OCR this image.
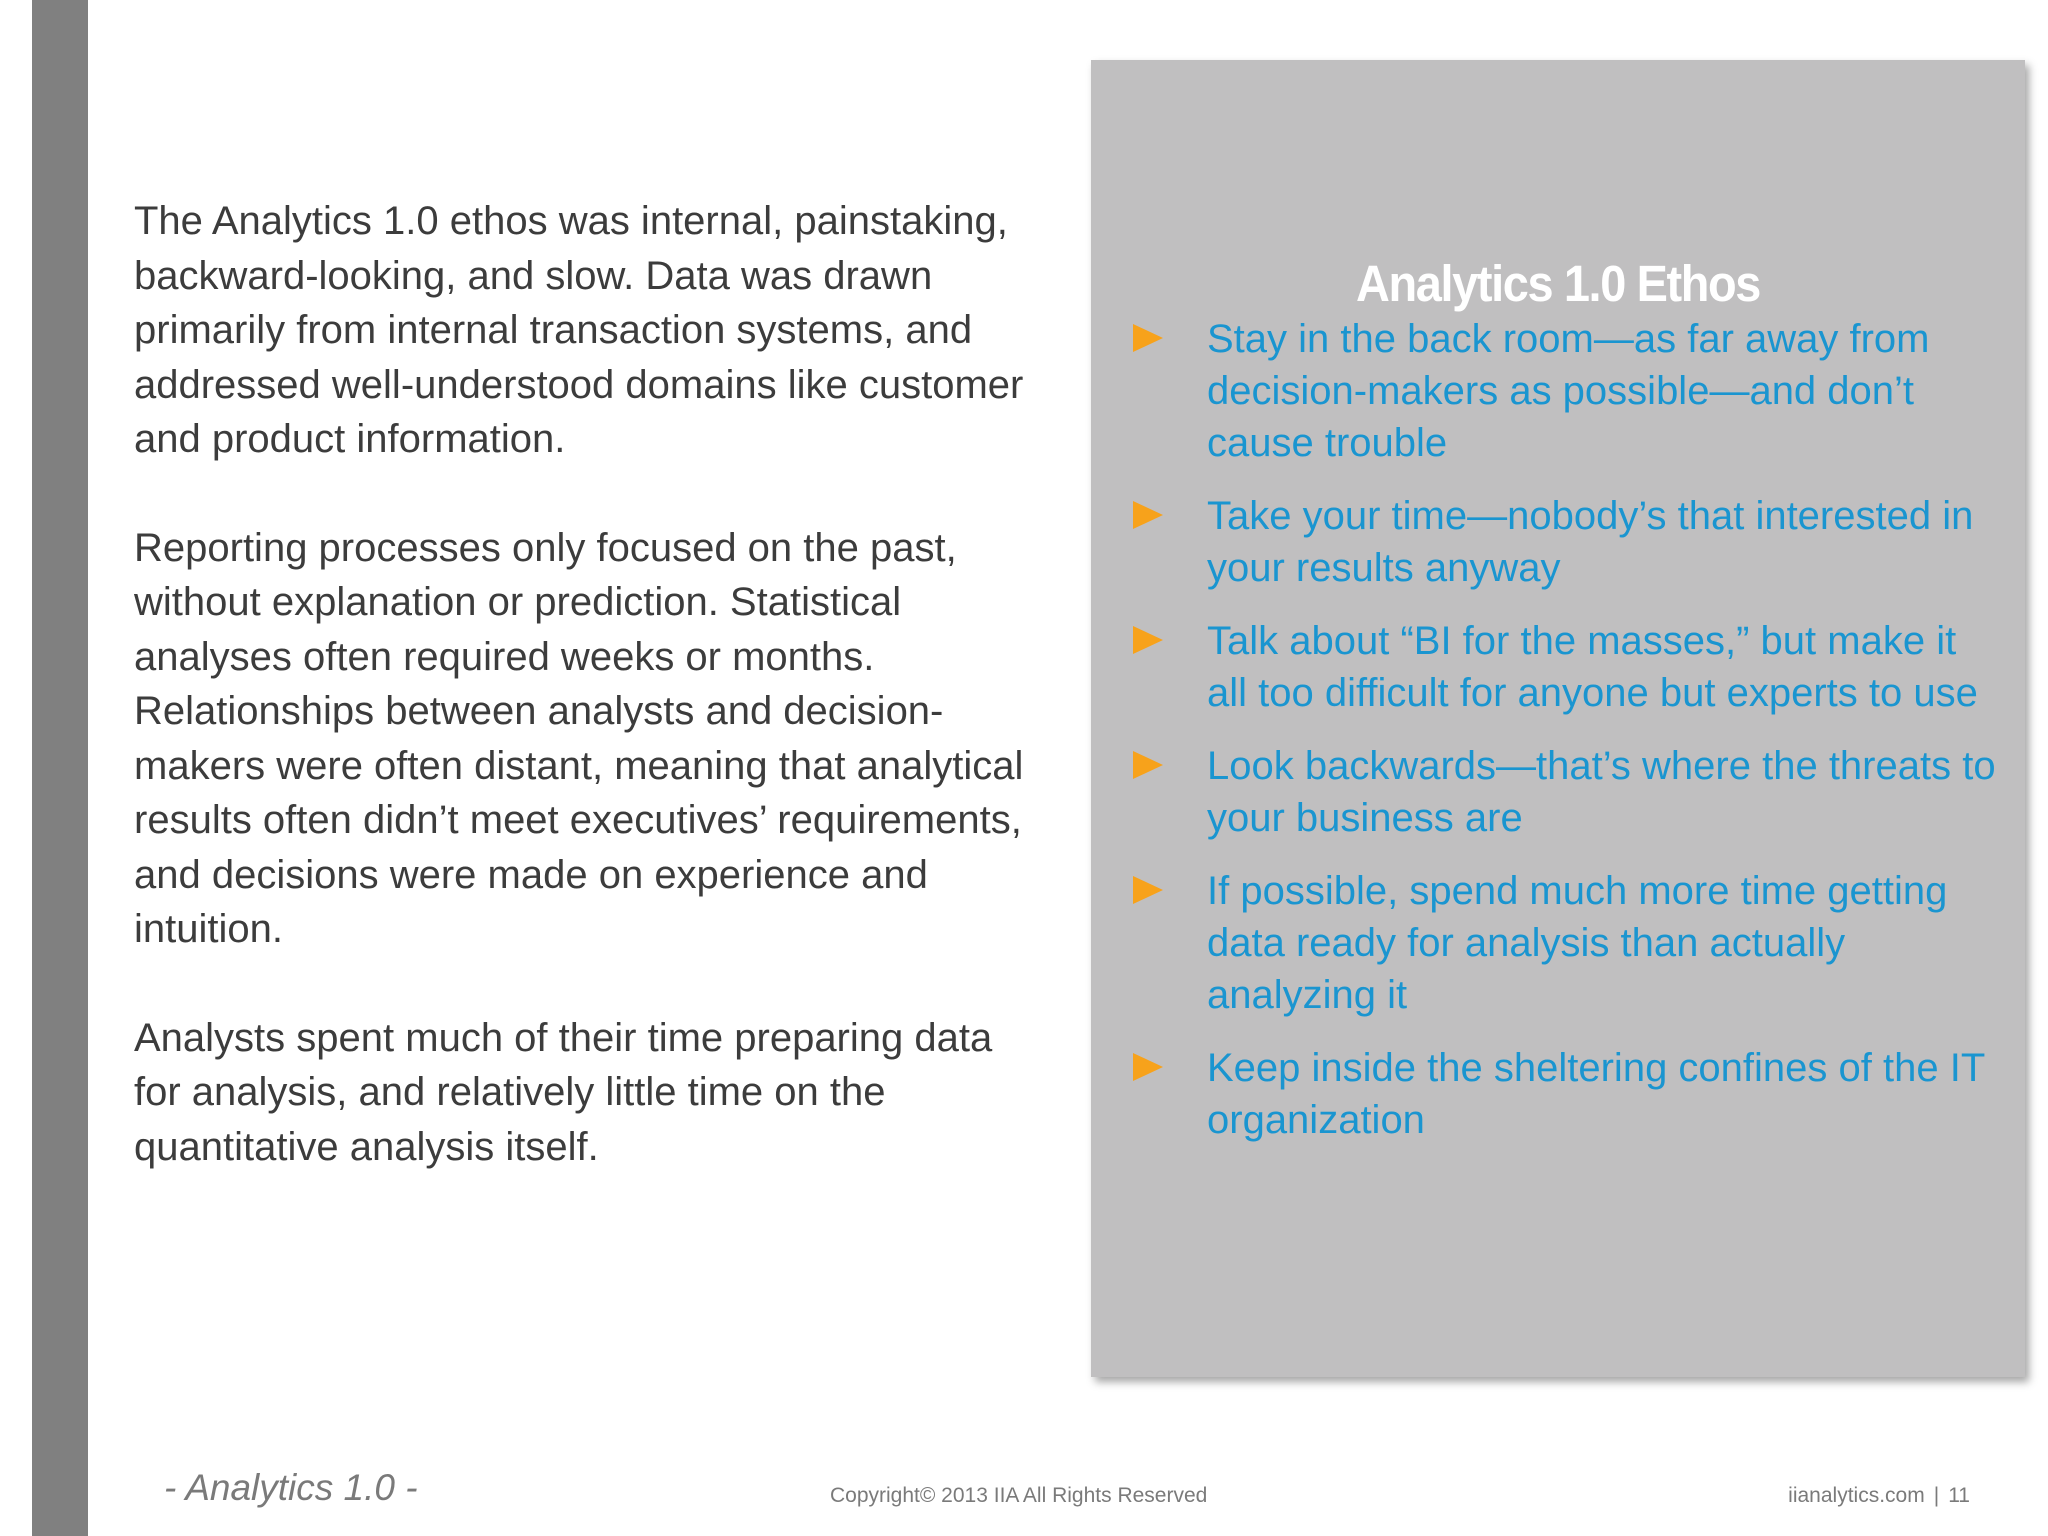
The Analytics 1.0 ethos was internal, painstaking, backward-looking, and slow. Data was drawn primarily from internal transaction systems, and addressed well-understood domains like customer and product information.

Reporting processes only focused on the past, without explanation or prediction. Statistical analyses often required weeks or months. Relationships between analysts and decision-makers were often distant, meaning that analytical results often didn’t meet executives’ requirements, and decisions were made on experience and intuition.

Analysts spent much of their time preparing data for analysis, and relatively little time on the quantitative analysis itself.

Analytics 1.0 Ethos
Stay in the back room—as far away from decision-makers as possible—and don’t cause trouble
Take your time—nobody’s that interested in your results anyway
Talk about “BI for the masses,” but make it all too difficult for anyone but experts to use
Look backwards—that’s where the threats to your business are
If possible, spend much more time getting data ready for analysis than actually analyzing it
Keep inside the sheltering confines of the IT organization
- Analytics 1.0 -	Copyright© 2013 IIA All Rights Reserved	iianalytics.com | 11
